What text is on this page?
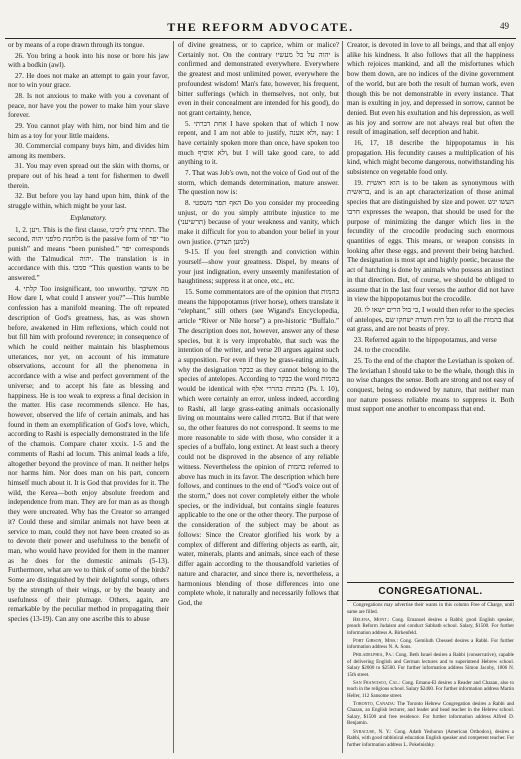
THE REFORM ADVOCATE.	49

or by means of a rope drawn through its tongue.

26. You bring a hook into his nose or bore his jaw with a bodkin (awl).

27. He does not make an attempt to gain your favor, nor to win your grace.

28. Is not anxious to make with you a covenant of peace, nor have you the power to make him your slave forever.

29. You cannot play with him, nor bind him and tie him as a toy for your little maidens.

30. Commercial company buys him, and divides him among its members.

31. You may even spread out the skin with thorns, or prepare out of his head a tent for fishermen to dwell therein.

32. But before you lay hand upon him, think of the struggle within, which might be your last.

Explanatory.

1, 2. ויען. This is the first clause, תחתי צדק ליכינו. The second, מלחמת מלפני יהוה is the passive form of יפר “to punish” and means “been punished.” יפר corresponds with the Talmudical יהוה. The translation is in accordance with this. סמכו “This question wants to be answered.”

4. קלתי Too insignificant, too unworthy. מה אשיבך How dare I, what could I answer you?”—This humble confession has a manifold meaning. The oft repeated description of God's greatness, has, as was shown before, awakened in Him reflexions, which could not but fill him with profound reverence; in consequence of which he could neither maintain his blasphemous utterances, nor yet, on account of his immature observations, account for all the phenomena in accordance with a wise and perfect government of the universe; and to accept his fate as blessing and happiness. He is too weak to express a final decision in the matter. His case recommends silence. He has, however, observed the life of certain animals, and has found in them an exemplification of God's love, which, according to Rashi is especially demonstrated in the life of the chamois. Compare chater xxxix. 1-5 and the comments of Rashi ad locum. This animal leads a life, altogether beyond the province of man. It neither helps nor harms him. Nor does man on his part, concern himself much about it. It is God that provides for it. The wild, the Kerea—both enjoy absolute freedom and independence from man. They are for man as as though they were uncreated. Why has the Creator so arranged it? Could these and similar animals not have been at service to man, could they not have been created so as to devote their power and usefulness to the benefit of man, who would have provided for them in the manner as he does for the domestic animals (5-13). Furthermore, what are we to think of some of the birds? Some are distinguished by their delightful songs, others by the strength of their wings, or by the beauty and usefulness of their plumage. Others, again, are remarkable by the peculiar method in propagating their species (13-19). Can any one ascribe this to abuse

of divine greatness, or to caprice, whim or malice? Certainly not. On the contrary יהוה על כל מעשיו is confirmed and demonstrated everywhere. Everywhere the greatest and most unlimited power, everywhere the profoundest wisdom! Man's fate, however, his frequent, bitter sufferings (which in themselves, not only, but even in their concealment are intended for his good), do not grant certainty, hence,

5. אחת דברתי I have spoken that of which I now repent, and I am not able to justify, ולא אענה, nay: I have certainly spoken more than once, have spoken too much ולא אוסיף, but I will take good care, to add anything to it.

7. That was Job's own, not the voice of God out of the storm, which demands determination, mature answer. The question now is:

8. האף תפר משפטי Do you consider my proceeding unjust, or do you simply attribute injustice to me (תרשיעני) because of your weakness and vanity, which make it difficult for you to abandon your belief in your own justice. (למען תצדק)

9-15. If you feel strength and conviction within yourself—show your greatness. Dispel, by means of your just indignation, every unseemly manifestation of haughtiness; suppress it at once, etc., etc.

15. Some commentators are of the opinion that בהמות means the hippopotamus (river horse), others translate it “elephant,” still others (see Wigand's Encyclopedia, article “River or Nile horse”) a pre-historic “Buffalo.” The description does not, however, answer any of these species, but it is very improbable, that such was the intention of the writer, and verse 20 argues against such a supposition. For even if they be grass-eating animals, why the designation כבקר as they cannot belong to the species of antelopes. According to כבקר the word בהמות would be identical with בהמות בהררי אלף (Ps. l. 10), which were certainly an error, unless indeed, according to Rashi, all large grass-eating animals occasionally living on mountains were called בהמות. But if that were so, the other features do not correspond. It seems to me more reasonable to side with those, who consider it a species of a buffalo, long extinct. At least such a theory could not be disproved in the absence of any reliable witness. Nevertheless the opinion of בהמות referred to above has much in its favor. The description which here follows, and continues to the end of “God's voice out of the storm,” does not cover completely either the whole species, or the individual, but contains single features applicable to the one or the other theory. The purpose of the consideration of the subject may be about as follows: Since the Creator glorified his work by a complex of different and differing objects as earth, air, water, minerals, plants and animals, since each of these differ again according to the thousandfold varieties of nature and character, and since there is, nevertheless, a harmonious blending of those differences into one complete whole, it naturally and necessarily follows that God, the

Creator, is devoted in love to all beings, and that all enjoy alike his kindness. It also follows that all the happiness which rejoices mankind, and all the misfortunes which bow them down, are no indices of the divine government of the world, but are both the result of human work, even though this be not demonstrable in every instance. That man is exulting in joy, and depressed in sorrow, cannot be denied. But even his exultation and his depression, as well as his joy and sorrow are not always real but often the result of imagination, self deception and habit.

16, 17, 18 describe the hippopotamus in his propagation. His fecundity causes a multiplication of his kind, which might become dangerous, notwithstanding his subsistence on vegetable food only.

19. הוא ראשית is to be taken as synonymous with בראשית, and is an apt characterization of those animal species that are distinguished by size and power. העשו יגש חרבו expresses the weapon, that should be used for the purpose of minimizing the danger which lies in the fecundity of the crocodile producing such enormous quantities of eggs. This means, or weapon consists in looking after these eggs, and prevent their being hatched. The designation is most apt and highly poetic, because the act of hatching is done by animals who possess an instinct in that direction. But, of course, we should be obliged to assume that in the last four verses the author did not have in view the hippopotamus but the crocodile.

20. כי בול הרים ישאו לו, I would then refer to the species of antelopes, ובל חית השדה ישחקו שם to all the בהמות that eat grass, and are not beasts of prey.

23. Referred again to the hippopotamus, and verse

24. to the crocodile.

25. To the end of the chapter the Leviathan is spoken of. The leviathan I should take to be the whale, though this in no wise changes the sense. Both are strong and not easy of conquest, being so endowed by nature, that neither man nor nature possess reliable means to suppress it. Both must support one another to encompass that end.

CONGREGATIONAL.

Congregations may advertise their wants in this column Free of Charge, until same are filled.

Helena, Mont.: Cong. Emanuel desires a Rabbi; good English speaker, preach Reform Judaism and conduct Sabbath school. Salary, $1500. For further information address A. Birkenfeld.

Port Gibson, Miss.: Cong. Gemiluth Chessed desires a Rabbi. For further information address N. A. Sons.

Philadelphia, Pa.: Cong. Beth Israel desires a Rabbi (conservative), capable of delivering English and German lectures and to superintend Hebrew school. Salary $2000 to $2500. For further information address Simon Jacoby, 1806 N. 15th street.

San Francisco, Cal.: Cong. Emanu-El desires a Reader and Chazan, also to teach in the religious school. Salary $2400. For further information address Martin Heller, 112 Sansome street.

Toronto, Canada: The Toronto Hebrew Congregation desires a Rabbi and Chazan, an English lecturer, and leader and head teacher in the Hebrew school. Salary, $1500 and free residence. For further information address Alfred D. Benjamin.

Syracuse, N. Y.: Cong. Adath Yeshurun (American Orthodox), desires a Rabbi, with good rabbinical education English speaker and competent teacher. For further information address L. Pokelnishky.
